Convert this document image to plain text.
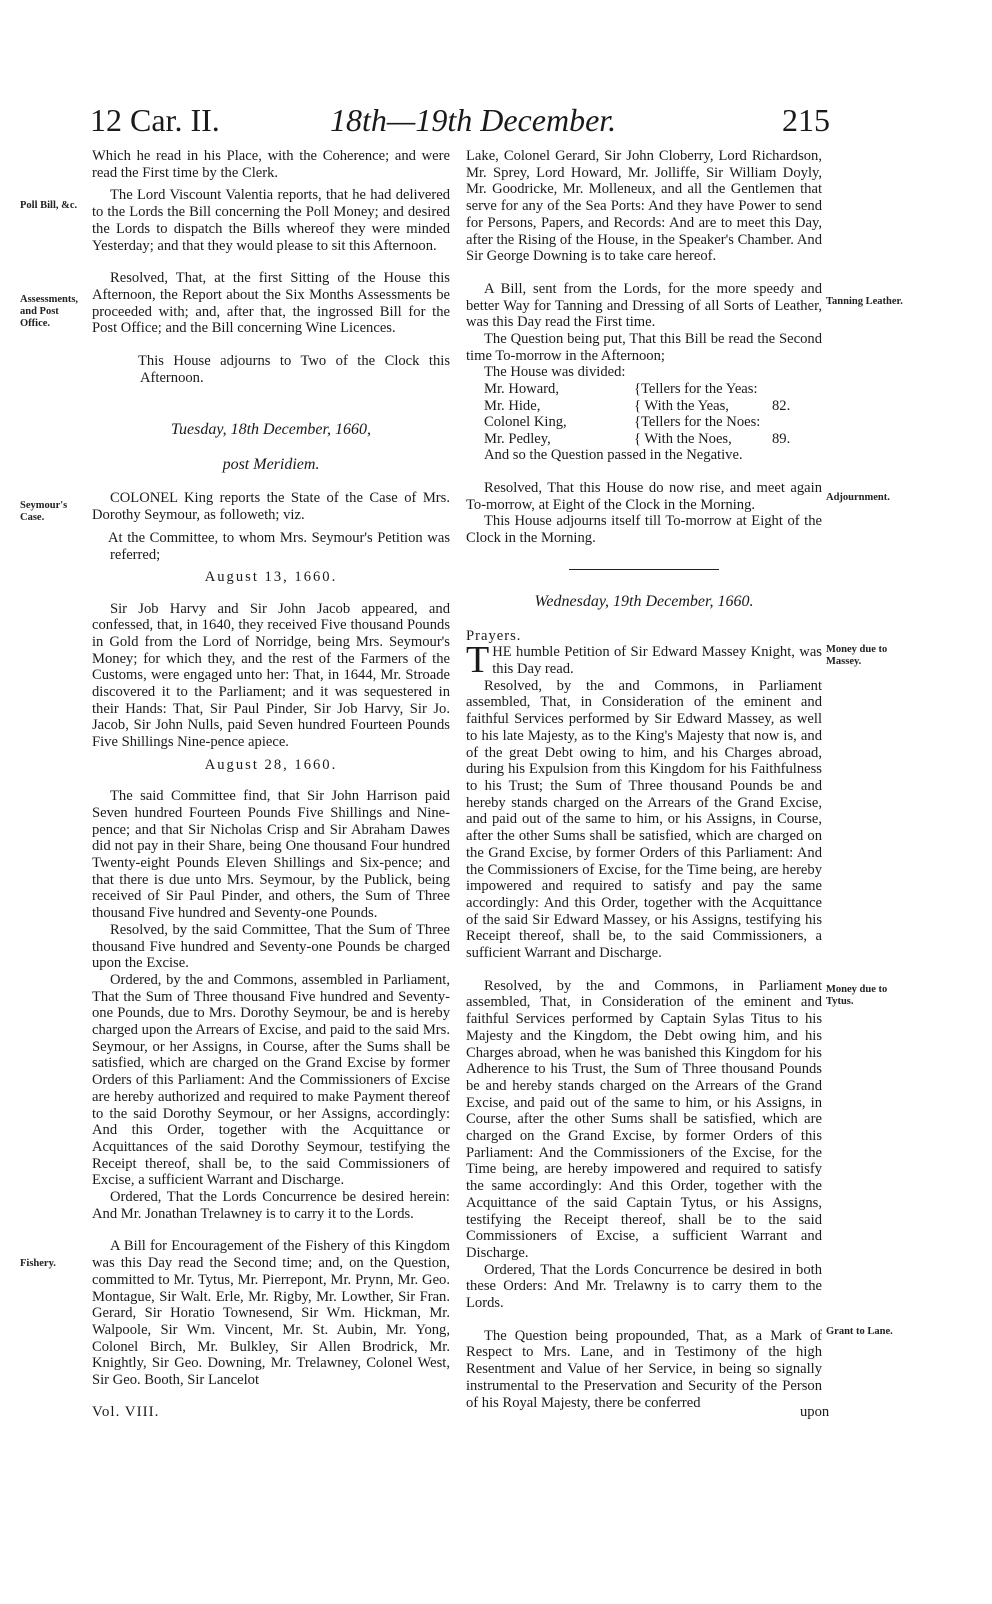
12 Car. II.	18th—19th December.	215
Poll Bill, &c.
Assessments, and Post Office.
Seymour's Case.
Fishery.
Tanning Leather.
Adjournment.
Money due to Massey.
Money due to Tytus.
Grant to Lane.

Which he read in his Place, with the Coherence; and were read the First time by the Clerk.

The Lord Viscount Valentia reports, that he had delivered to the Lords the Bill concerning the Poll Money; and desired the Lords to dispatch the Bills whereof they were minded Yesterday; and that they would please to sit this Afternoon.

Resolved, That, at the first Sitting of the House this Afternoon, the Report about the Six Months Assessments be proceeded with; and, after that, the ingrossed Bill for the Post Office; and the Bill concerning Wine Licences.

This House adjourns to Two of the Clock this Afternoon.

Tuesday, 18th December, 1660,

post Meridiem.

COLONEL King reports the State of the Case of Mrs. Dorothy Seymour, as followeth; viz.

At the Committee, to whom Mrs. Seymour's Petition was referred;

August 13, 1660.

Sir Job Harvy and Sir John Jacob appeared, and confessed, that, in 1640, they received Five thousand Pounds in Gold from the Lord of Norridge, being Mrs. Seymour's Money; for which they, and the rest of the Farmers of the Customs, were engaged unto her: That, in 1644, Mr. Stroade discovered it to the Parliament; and it was sequestered in their Hands: That, Sir Paul Pinder, Sir Job Harvy, Sir Jo. Jacob, Sir John Nulls, paid Seven hundred Fourteen Pounds Five Shillings Nine-pence apiece.

August 28, 1660.

The said Committee find, that Sir John Harrison paid Seven hundred Fourteen Pounds Five Shillings and Nine-pence; and that Sir Nicholas Crisp and Sir Abraham Dawes did not pay in their Share, being One thousand Four hundred Twenty-eight Pounds Eleven Shillings and Six-pence; and that there is due unto Mrs. Seymour, by the Publick, being received of Sir Paul Pinder, and others, the Sum of Three thousand Five hundred and Seventy-one Pounds.

Resolved, by the said Committee, That the Sum of Three thousand Five hundred and Seventy-one Pounds be charged upon the Excise.

Ordered, by the and Commons, assembled in Parliament, That the Sum of Three thousand Five hundred and Seventy-one Pounds, due to Mrs. Dorothy Seymour, be and is hereby charged upon the Arrears of Excise, and paid to the said Mrs. Seymour, or her Assigns, in Course, after the Sums shall be satisfied, which are charged on the Grand Excise by former Orders of this Parliament: And the Commissioners of Excise are hereby authorized and required to make Payment thereof to the said Dorothy Seymour, or her Assigns, accordingly: And this Order, together with the Acquittance or Acquittances of the said Dorothy Seymour, testifying the Receipt thereof, shall be, to the said Commissioners of Excise, a sufficient Warrant and Discharge.

Ordered, That the Lords Concurrence be desired herein: And Mr. Jonathan Trelawney is to carry it to the Lords.

A Bill for Encouragement of the Fishery of this Kingdom was this Day read the Second time; and, on the Question, committed to Mr. Tytus, Mr. Pierrepont, Mr. Prynn, Mr. Geo. Montague, Sir Walt. Erle, Mr. Rigby, Mr. Lowther, Sir Fran. Gerard, Sir Horatio Townesend, Sir Wm. Hickman, Mr. Walpoole, Sir Wm. Vincent, Mr. St. Aubin, Mr. Yong, Colonel Birch, Mr. Bulkley, Sir Allen Brodrick, Mr. Knightly, Sir Geo. Downing, Mr. Trelawney, Colonel West, Sir Geo. Booth, Sir Lancelot

Lake, Colonel Gerard, Sir John Cloberry, Lord Richardson, Mr. Sprey, Lord Howard, Mr. Jolliffe, Sir William Doyly, Mr. Goodricke, Mr. Molleneux, and all the Gentlemen that serve for any of the Sea Ports: And they have Power to send for Persons, Papers, and Records: And are to meet this Day, after the Rising of the House, in the Speaker's Chamber. And Sir George Downing is to take care hereof.

A Bill, sent from the Lords, for the more speedy and better Way for Tanning and Dressing of all Sorts of Leather, was this Day read the First time.

The Question being put, That this Bill be read the Second time To-morrow in the Afternoon;

The House was divided:

Mr. Howard,	{Tellers for the Yeas:
Mr. Hide,	{ With the Yeas,	82.
Colonel King,	{Tellers for the Noes:
Mr. Pedley,	{ With the Noes,	89.

And so the Question passed in the Negative.

Resolved, That this House do now rise, and meet again To-morrow, at Eight of the Clock in the Morning.

This House adjourns itself till To-morrow at Eight of the Clock in the Morning.

Wednesday, 19th December, 1660.

Prayers.

THE humble Petition of Sir Edward Massey Knight, was this Day read.

Resolved, by the and Commons, in Parliament assembled, That, in Consideration of the eminent and faithful Services performed by Sir Edward Massey, as well to his late Majesty, as to the King's Majesty that now is, and of the great Debt owing to him, and his Charges abroad, during his Expulsion from this Kingdom for his Faithfulness to his Trust; the Sum of Three thousand Pounds be and hereby stands charged on the Arrears of the Grand Excise, and paid out of the same to him, or his Assigns, in Course, after the other Sums shall be satisfied, which are charged on the Grand Excise, by former Orders of this Parliament: And the Commissioners of Excise, for the Time being, are hereby impowered and required to satisfy and pay the same accordingly: And this Order, together with the Acquittance of the said Sir Edward Massey, or his Assigns, testifying his Receipt thereof, shall be, to the said Commissioners, a sufficient Warrant and Discharge.

Resolved, by the and Commons, in Parliament assembled, That, in Consideration of the eminent and faithful Services performed by Captain Sylas Titus to his Majesty and the Kingdom, the Debt owing him, and his Charges abroad, when he was banished this Kingdom for his Adherence to his Trust, the Sum of Three thousand Pounds be and hereby stands charged on the Arrears of the Grand Excise, and paid out of the same to him, or his Assigns, in Course, after the other Sums shall be satisfied, which are charged on the Grand Excise, by former Orders of this Parliament: And the Commissioners of the Excise, for the Time being, are hereby impowered and required to satisfy the same accordingly: And this Order, together with the Acquittance of the said Captain Tytus, or his Assigns, testifying the Receipt thereof, shall be to the said Commissioners of Excise, a sufficient Warrant and Discharge.

Ordered, That the Lords Concurrence be desired in both these Orders: And Mr. Trelawny is to carry them to the Lords.

The Question being propounded, That, as a Mark of Respect to Mrs. Lane, and in Testimony of the high Resentment and Value of her Service, in being so signally instrumental to the Preservation and Security of the Person of his Royal Majesty, there be conferred

Vol. VIII.	upon
